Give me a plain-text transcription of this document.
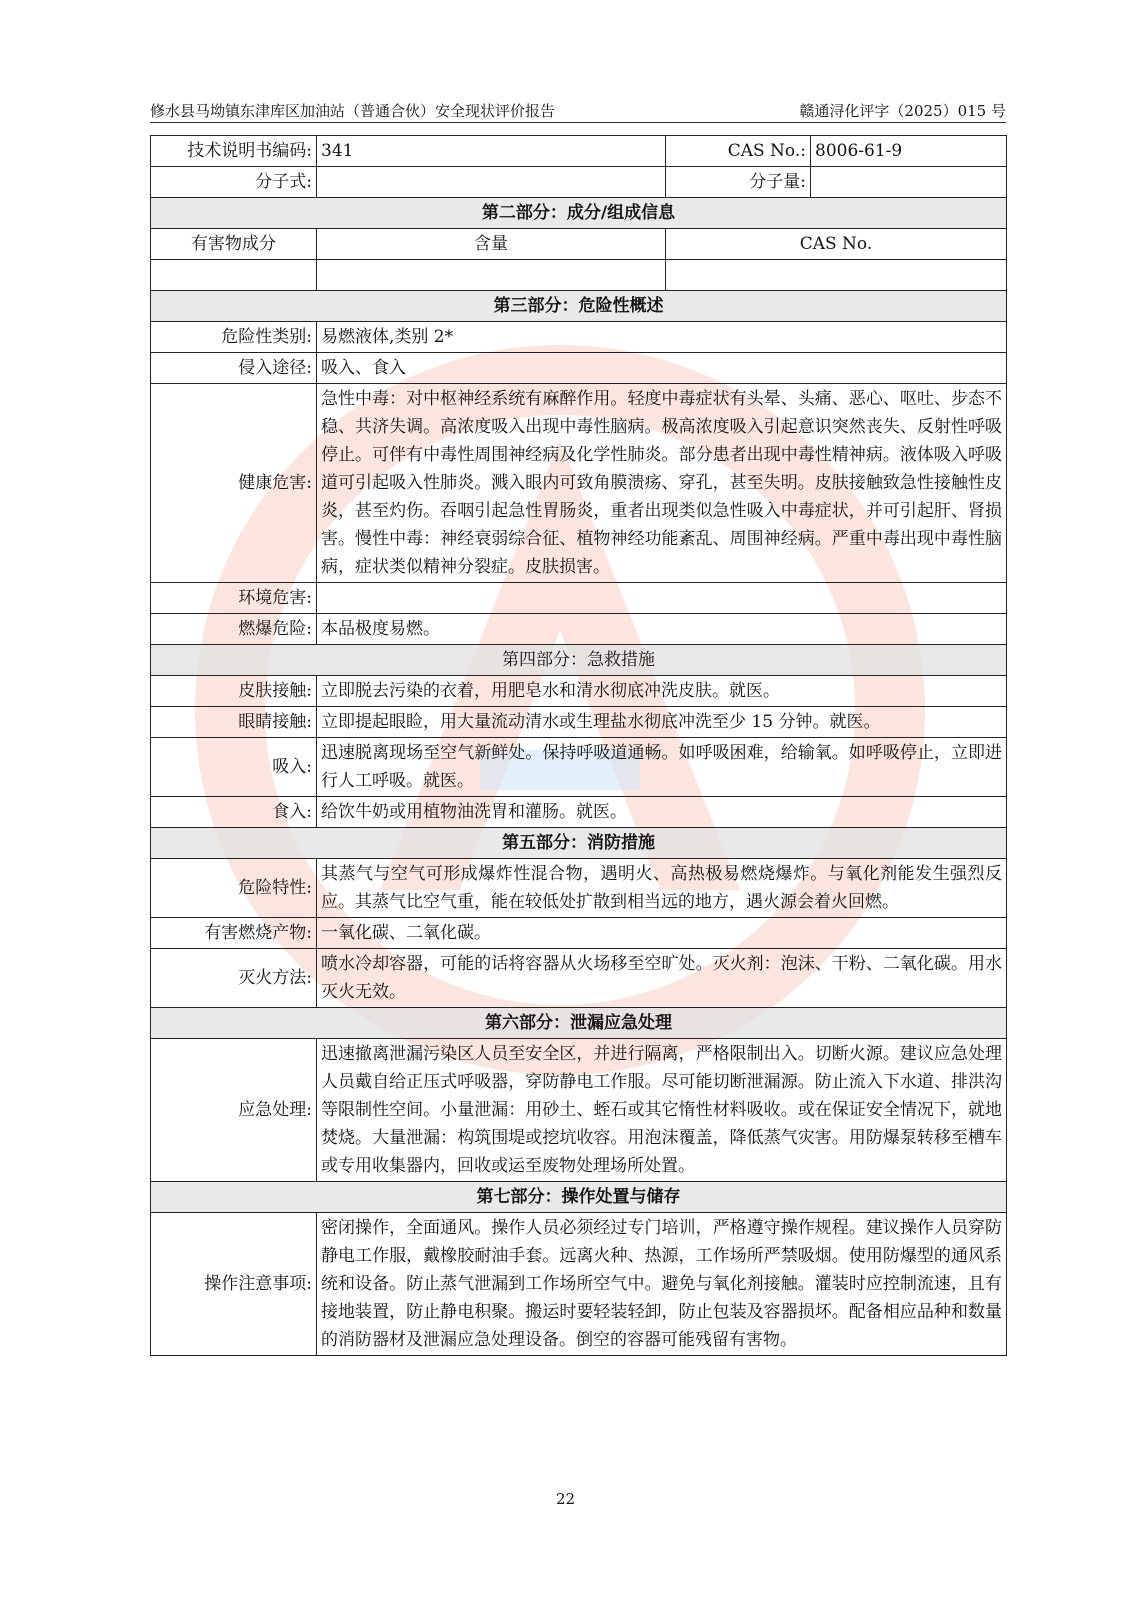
修水县马坳镇东津库区加油站（普通合伙）安全现状评价报告	赣通浔化评字（2025）015 号
技术说明书编码:	341	CAS No.:	8006-61-9
分子式:		分子量:	
第二部分：成分/组成信息			
有害物成分	含量	CAS No.	

第三部分：危险性概述			
危险性类别:	易燃液体,类别 2*		
侵入途径:	吸入、食入		
健康危害:	急性中毒：对中枢神经系统有麻醉作用。轻度中毒症状有头晕、头痛、恶心、呕吐、步态不稳、共济失调。高浓度吸入出现中毒性脑病。极高浓度吸入引起意识突然丧失、反射性呼吸停止。可伴有中毒性周围神经病及化学性肺炎。部分患者出现中毒性精神病。液体吸入呼吸道可引起吸入性肺炎。溅入眼内可致角膜溃疡、穿孔，甚至失明。皮肤接触致急性接触性皮炎，甚至灼伤。吞咽引起急性胃肠炎，重者出现类似急性吸入中毒症状，并可引起肝、肾损害。慢性中毒：神经衰弱综合征、植物神经功能紊乱、周围神经病。严重中毒出现中毒性脑病，症状类似精神分裂症。皮肤损害。		
环境危害:			
燃爆危险:	本品极度易燃。		
第四部分：急救措施			
皮肤接触:	立即脱去污染的衣着，用肥皂水和清水彻底冲洗皮肤。就医。		
眼睛接触:	立即提起眼睑，用大量流动清水或生理盐水彻底冲洗至少 15 分钟。就医。		
吸入:	迅速脱离现场至空气新鲜处。保持呼吸道通畅。如呼吸困难，给输氧。如呼吸停止，立即进行人工呼吸。就医。		
食入:	给饮牛奶或用植物油洗胃和灌肠。就医。		
第五部分：消防措施			
危险特性:	其蒸气与空气可形成爆炸性混合物，遇明火、高热极易燃烧爆炸。与氧化剂能发生强烈反应。其蒸气比空气重，能在较低处扩散到相当远的地方，遇火源会着火回燃。		
有害燃烧产物:	一氧化碳、二氧化碳。		
灭火方法:	喷水冷却容器，可能的话将容器从火场移至空旷处。灭火剂：泡沫、干粉、二氧化碳。用水灭火无效。		
第六部分：泄漏应急处理			
应急处理:	迅速撤离泄漏污染区人员至安全区，并进行隔离，严格限制出入。切断火源。建议应急处理人员戴自给正压式呼吸器，穿防静电工作服。尽可能切断泄漏源。防止流入下水道、排洪沟等限制性空间。小量泄漏：用砂土、蛭石或其它惰性材料吸收。或在保证安全情况下，就地焚烧。大量泄漏：构筑围堤或挖坑收容。用泡沫覆盖，降低蒸气灾害。用防爆泵转移至槽车或专用收集器内，回收或运至废物处理场所处置。		
第七部分：操作处置与储存			
操作注意事项:	密闭操作，全面通风。操作人员必须经过专门培训，严格遵守操作规程。建议操作人员穿防静电工作服，戴橡胶耐油手套。远离火种、热源，工作场所严禁吸烟。使用防爆型的通风系统和设备。防止蒸气泄漏到工作场所空气中。避免与氧化剂接触。灌装时应控制流速，且有接地装置，防止静电积聚。搬运时要轻装轻卸，防止包装及容器损坏。配备相应品种和数量的消防器材及泄漏应急处理设备。倒空的容器可能残留有害物。		
22
